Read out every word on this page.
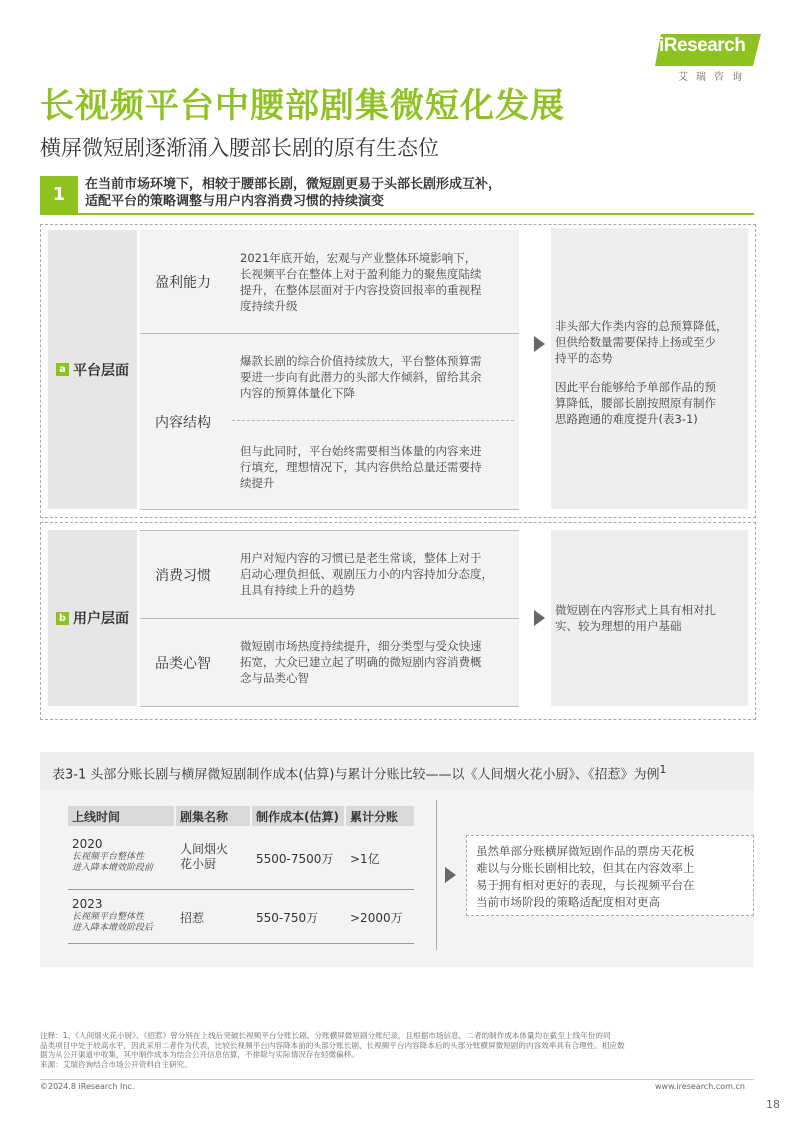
iResearch
艾瑞咨询
长视频平台中腰部剧集微短化发展
横屏微短剧逐渐涌入腰部长剧的原有生态位
1	在当前市场环境下，相较于腰部长剧，微短剧更易于头部长剧形成互补，
适配平台的策略调整与用户内容消费习惯的持续演变
a 平台层面
盈利能力
2021年底开始，宏观与产业整体环境影响下，
长视频平台在整体上对于盈利能力的聚焦度陆续
提升，在整体层面对于内容投资回报率的重视程
度持续升级
内容结构
爆款长剧的综合价值持续放大，平台整体预算需
要进一步向有此潜力的头部大作倾斜，留给其余
内容的预算体量化下降
但与此同时，平台始终需要相当体量的内容来进
行填充，理想情况下，其内容供给总量还需要持
续提升
非头部大作类内容的总预算降低，
但供给数量需要保持上扬或至少
持平的态势
因此平台能够给予单部作品的预
算降低，腰部长剧按照原有制作
思路跑通的难度提升(表3-1)
b 用户层面
消费习惯
用户对短内容的习惯已是老生常谈，整体上对于
启动心理负担低、观剧压力小的内容持加分态度，
且具有持续上升的趋势
品类心智
微短剧市场热度持续提升，细分类型与受众快速
拓宽，大众已建立起了明确的微短剧内容消费概
念与品类心智
微短剧在内容形式上具有相对扎
实、较为理想的用户基础
表3-1 头部分账长剧与横屏微短剧制作成本(估算)与累计分账比较——以《人间烟火花小厨》、《招惹》为例$^1$
上线时间	剧集名称	制作成本(估算) 累计分账
2020
长视频平台整体性
进入降本增效阶段前
人间烟火
花小厨	5500-7500万 >1亿
2023
长视频平台整体性
进入降本增效阶段后
招惹	550-750万	>2000万
虽然单部分账横屏微短剧作品的票房天花板
难以与分账长剧相比较，但其在内容效率上
易于拥有相对更好的表现，与长视频平台在
当前市场阶段的策略适配度相对更高
注释：1、《人间烟火花小厨》、《招惹》曾分别在上线后突破长视频平台分账长剧、分账横屏微短剧分账纪录，且根据市场信息，二者的制作成本体量均在截至上线年份的同
品类项目中处于较高水平，因此采用二者作为代表，比较长视频平台内容降本前的头部分账长剧、长视频平台内容降本后的头部分账横屏微短剧的内容效率具有合理性。相应数
据为从公开渠道中收集，其中制作成本为结合公开信息估算，不排除与实际情况存在轻微偏移。
来源：艾瑞咨询结合市场公开资料自主研究。
©2024.8 iResearch Inc.	www.iresearch.com.cn
18
